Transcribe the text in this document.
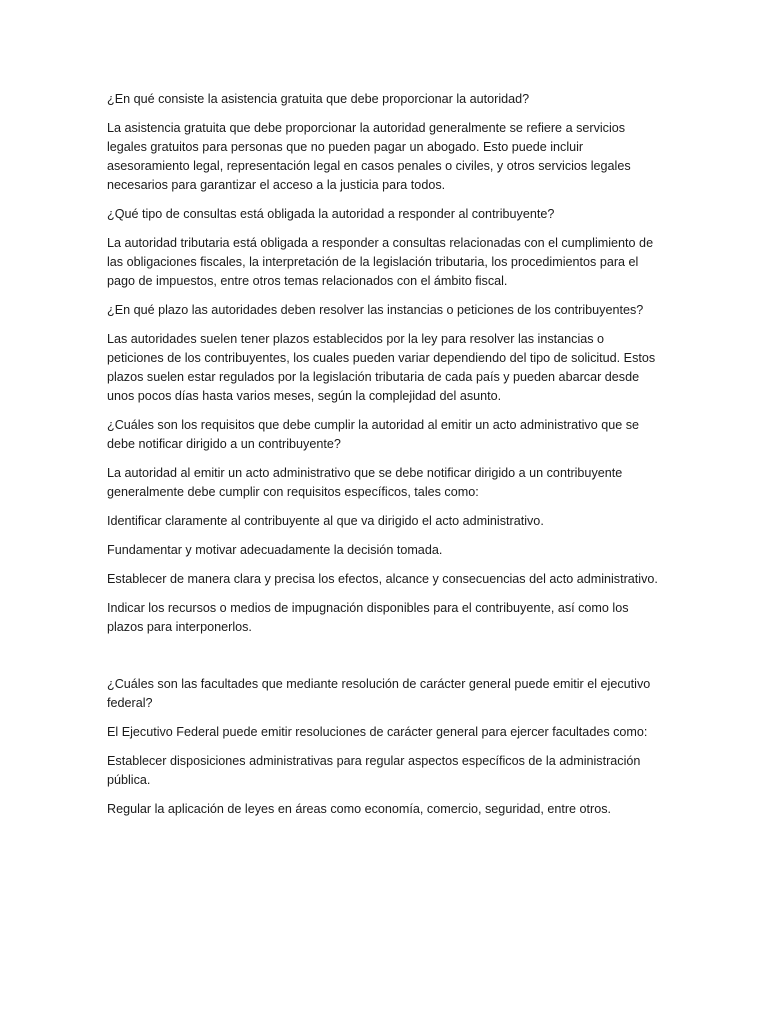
¿En qué consiste la asistencia gratuita que debe proporcionar la autoridad?

La asistencia gratuita que debe proporcionar la autoridad generalmente se refiere a servicios legales gratuitos para personas que no pueden pagar un abogado. Esto puede incluir asesoramiento legal, representación legal en casos penales o civiles, y otros servicios legales necesarios para garantizar el acceso a la justicia para todos.

¿Qué tipo de consultas está obligada la autoridad a responder al contribuyente?

La autoridad tributaria está obligada a responder a consultas relacionadas con el cumplimiento de las obligaciones fiscales, la interpretación de la legislación tributaria, los procedimientos para el pago de impuestos, entre otros temas relacionados con el ámbito fiscal.

¿En qué plazo las autoridades deben resolver las instancias o peticiones de los contribuyentes?

Las autoridades suelen tener plazos establecidos por la ley para resolver las instancias o peticiones de los contribuyentes, los cuales pueden variar dependiendo del tipo de solicitud. Estos plazos suelen estar regulados por la legislación tributaria de cada país y pueden abarcar desde unos pocos días hasta varios meses, según la complejidad del asunto.

¿Cuáles son los requisitos que debe cumplir la autoridad al emitir un acto administrativo que se debe notificar dirigido a un contribuyente?

La autoridad al emitir un acto administrativo que se debe notificar dirigido a un contribuyente generalmente debe cumplir con requisitos específicos, tales como:

Identificar claramente al contribuyente al que va dirigido el acto administrativo.

Fundamentar y motivar adecuadamente la decisión tomada.

Establecer de manera clara y precisa los efectos, alcance y consecuencias del acto administrativo.

Indicar los recursos o medios de impugnación disponibles para el contribuyente, así como los plazos para interponerlos.

¿Cuáles son las facultades que mediante resolución de carácter general puede emitir el ejecutivo federal?

El Ejecutivo Federal puede emitir resoluciones de carácter general para ejercer facultades como:

Establecer disposiciones administrativas para regular aspectos específicos de la administración pública.

Regular la aplicación de leyes en áreas como economía, comercio, seguridad, entre otros.
